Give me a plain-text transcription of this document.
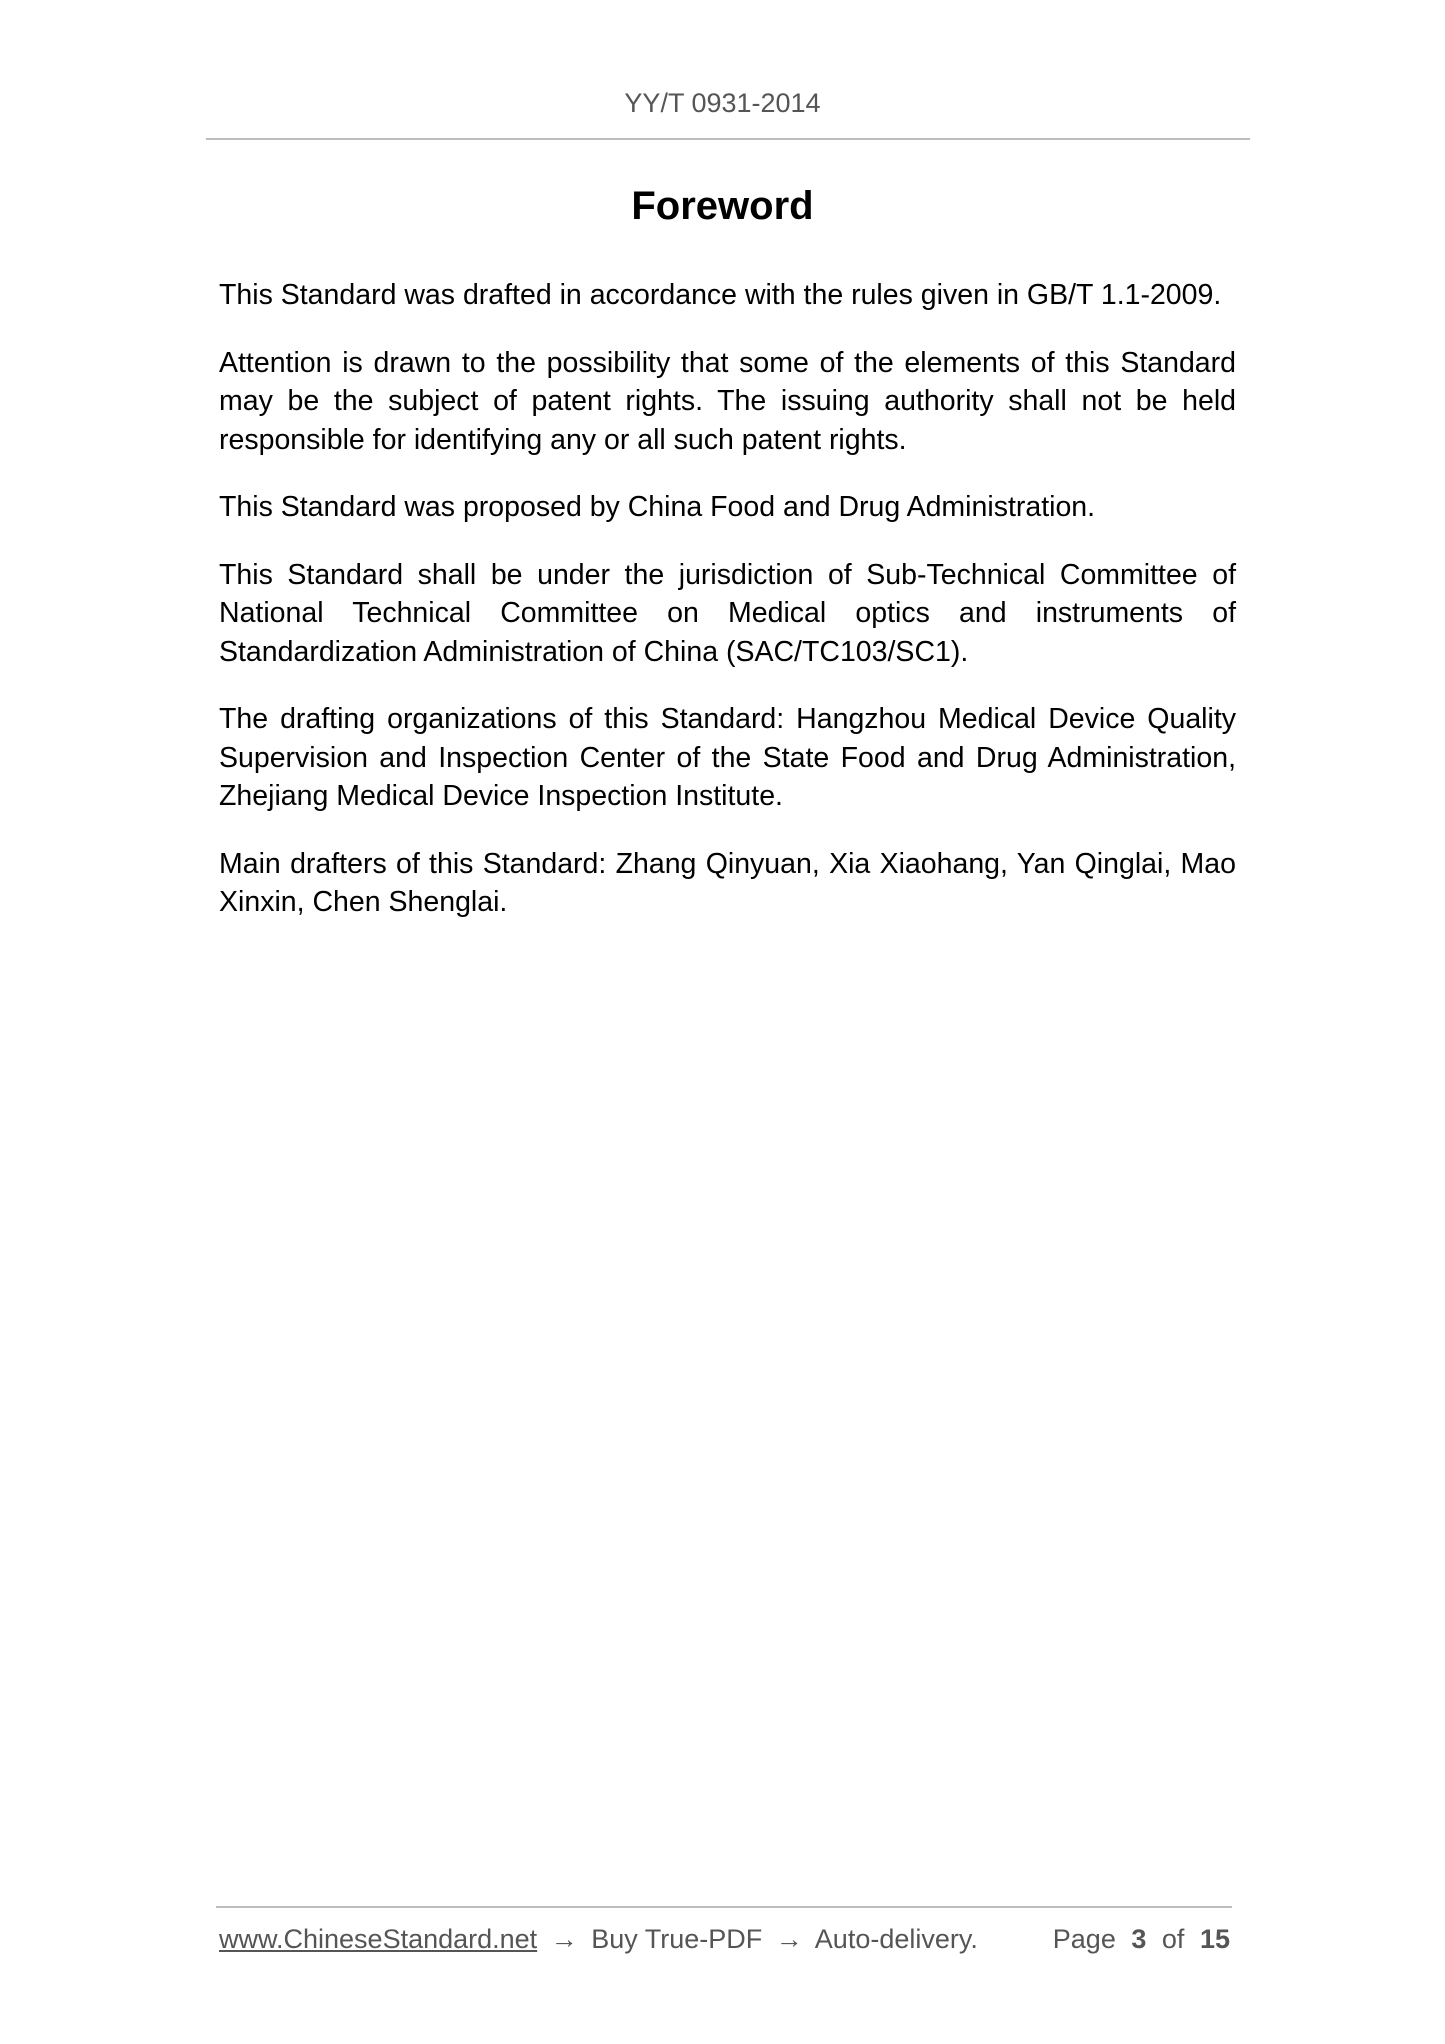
YY/T 0931-2014
Foreword

This Standard was drafted in accordance with the rules given in GB/T 1.1-2009.

Attention is drawn to the possibility that some of the elements of this Standard may be the subject of patent rights. The issuing authority shall not be held responsible for identifying any or all such patent rights.

This Standard was proposed by China Food and Drug Administration.

This Standard shall be under the jurisdiction of Sub-Technical Committee of National Technical Committee on Medical optics and instruments of Standardization Administration of China (SAC/TC103/SC1).

The drafting organizations of this Standard: Hangzhou Medical Device Quality Supervision and Inspection Center of the State Food and Drug Administration, Zhejiang Medical Device Inspection Institute.

Main drafters of this Standard: Zhang Qinyuan, Xia Xiaohang, Yan Qinglai, Mao Xinxin, Chen Shenglai.

www.ChineseStandard.net → Buy True-PDF → Auto-delivery.	Page 3 of 15
